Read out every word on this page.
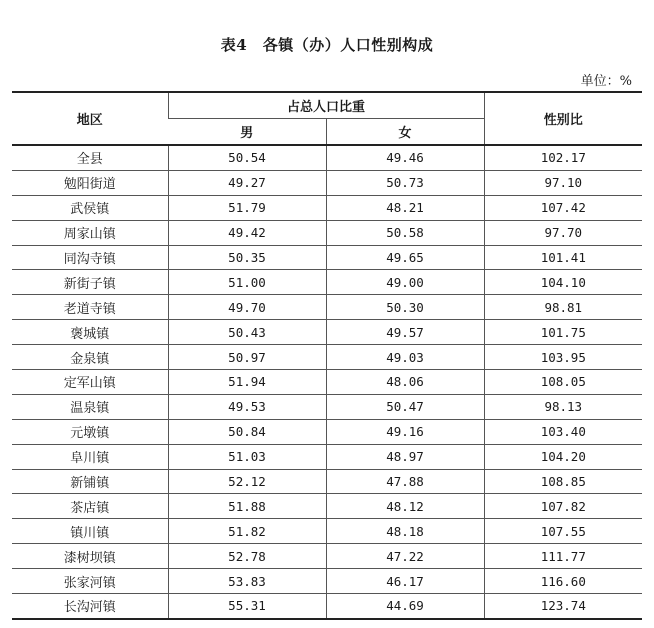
表4　各镇（办）人口性别构成
单位：%
地区	占总人口比重		性别比
	男	女	
全县	50.54	49.46	102.17
勉阳街道	49.27	50.73	97.10
武侯镇	51.79	48.21	107.42
周家山镇	49.42	50.58	97.70
同沟寺镇	50.35	49.65	101.41
新街子镇	51.00	49.00	104.10
老道寺镇	49.70	50.30	98.81
褒城镇	50.43	49.57	101.75
金泉镇	50.97	49.03	103.95
定军山镇	51.94	48.06	108.05
温泉镇	49.53	50.47	98.13
元墩镇	50.84	49.16	103.40
阜川镇	51.03	48.97	104.20
新铺镇	52.12	47.88	108.85
茶店镇	51.88	48.12	107.82
镇川镇	51.82	48.18	107.55
漆树坝镇	52.78	47.22	111.77
张家河镇	53.83	46.17	116.60
长沟河镇	55.31	44.69	123.74
